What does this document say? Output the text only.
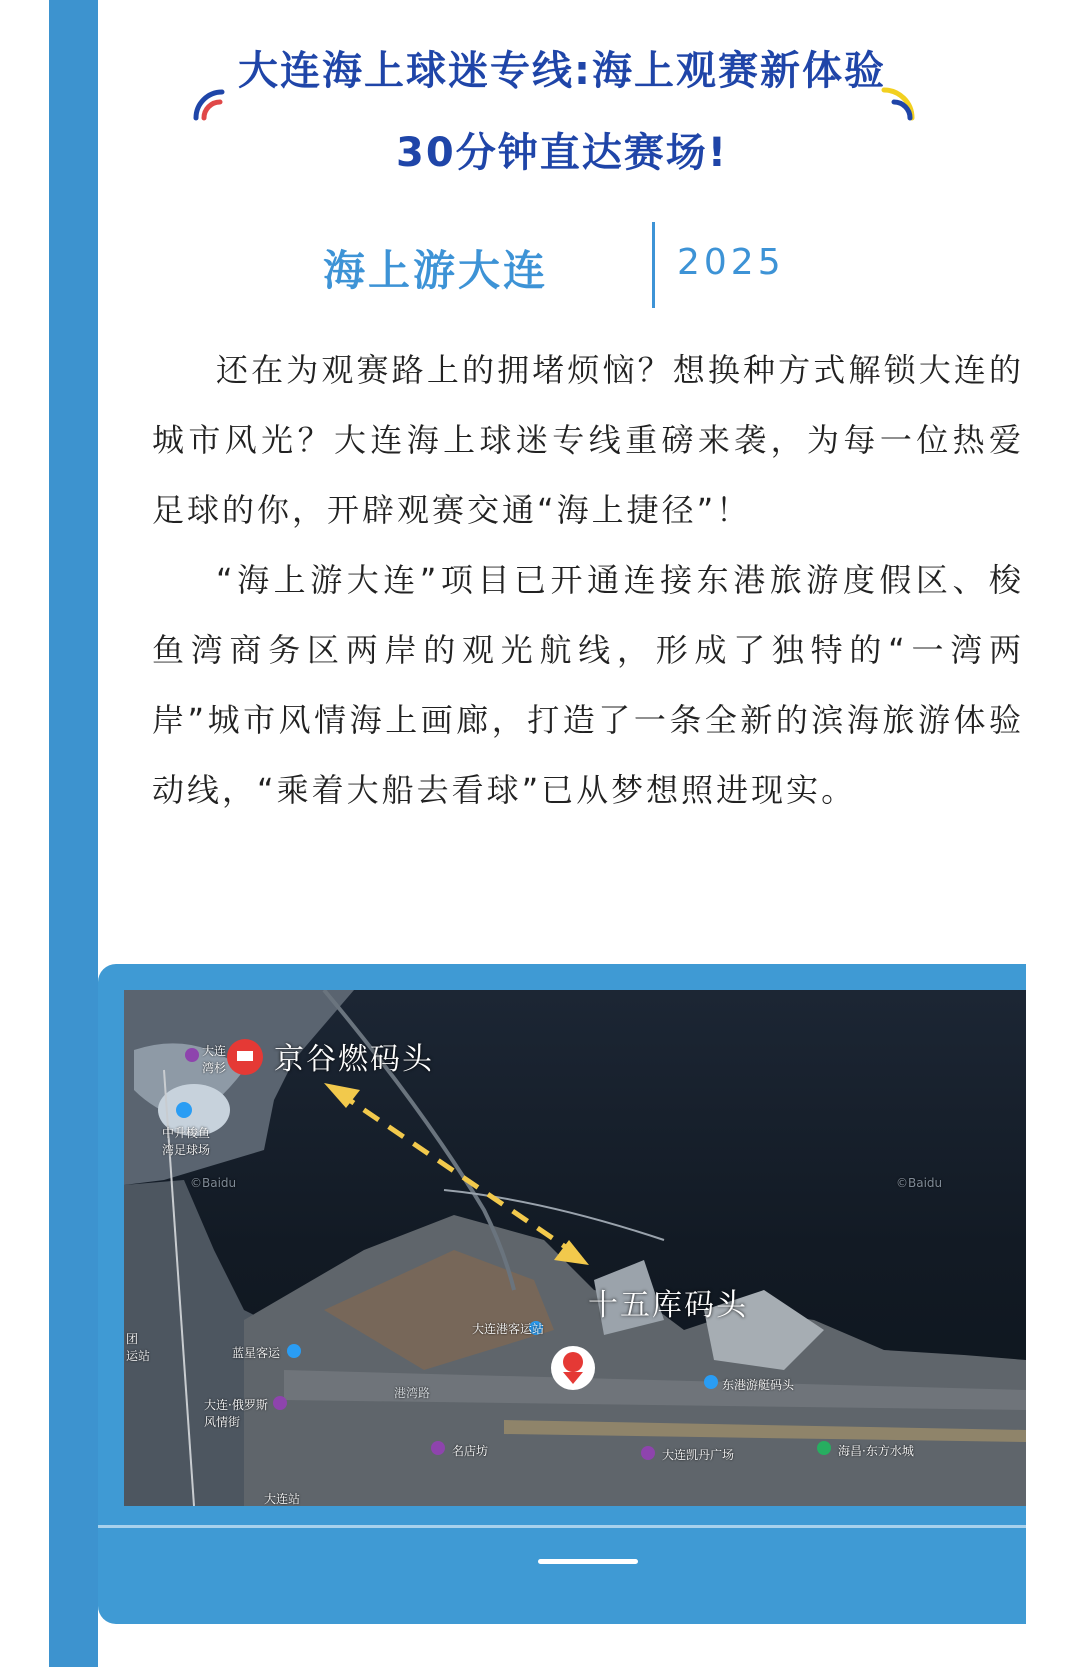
大连海上球迷专线:海上观赛新体验
30分钟直达赛场!
海上游大连	2025

还在为观赛路上的拥堵烦恼？想换种方式解锁大连的城市风光？大连海上球迷专线重磅来袭，为每一位热爱足球的你，开辟观赛交通“海上捷径”！

“海上游大连”项目已开通连接东港旅游度假区、梭鱼湾商务区两岸的观光航线，形成了独特的“一湾两岸”城市风情海上画廊，打造了一条全新的滨海旅游体验动线，“乘着大船去看球”已从梦想照进现实。

京谷燃码头
十五库码头
大连
湾杉
中升梭鱼
湾足球场
大连港客运站
东港游艇码头
蓝星客运
大连·俄罗斯
风情街
名店坊	大连凯丹广场	海昌·东方水城
团
运站
港湾路
大连站
©Baidu	©Baidu
